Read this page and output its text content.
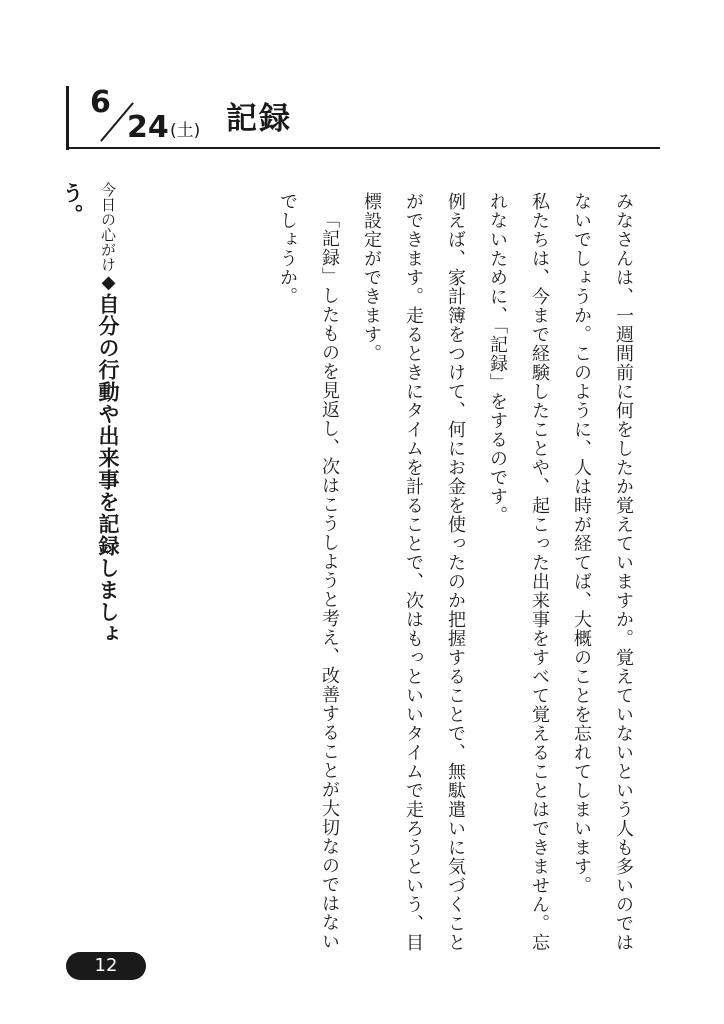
6
24 (土) 記録

みなさんは、一週間前に何をしたか覚えていますか。覚えていないという人も多いのではないでしょうか。このように、人は時が経てば、大概のことを忘れてしまいます。

私たちは、今まで経験したことや、起こった出来事をすべて覚えることはできません。忘れないために、「記録」をするのです。

例えば、家計簿をつけて、何にお金を使ったのか把握することで、無駄遣いに気づくことができます。走るときにタイムを計ることで、次はもっといいタイムで走ろうという、目標設定ができます。

「記録」したものを見返し、次はこうしようと考え、改善することが大切なのではないでしょうか。

今日の心がけ◆自分の行動や出来事を記録しましょう。
12
